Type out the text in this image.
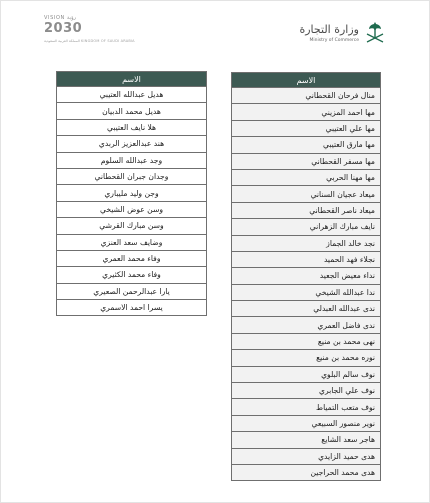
VISION رؤية
2030
المملكة العربية السعودية KINGDOM OF SAUDI ARABIA
وزارة التجارة
Ministry of Commerce
الاسم
هديل عبدالله العتيبي
هديل محمد الدبيان
هلا نايف العتيبي
هند عبدالعزيز الربدي
وجد عبدالله السلوم
وجدان جبران القحطاني
وجن وليد مليباري
وسن عوض الشيخي
وسن مبارك القرشي
وضايف سعد العنزي
وفاء محمد العمري
وفاء محمد الكثيري
يارا عبدالرحمن الصعيري
يسرا احمد الاسمري
الاسم
منال فرحان القحطاني
مها احمد المزيني
مها علي العتيبي
مها مارق العتيبي
مها مسفر القحطاني
مها مهنا الحربي
ميعاد عجيان السناني
ميعاد ناصر القحطاني
نايف مبارك الزهراني
نجد خالد الجماز
نجلاء فهد الحميد
نداء معيض الجعيد
ندا عبدالله الشيخي
ندى عبدالله العبدلي
ندى فاضل العمري
نهى محمد بن منيع
نوره محمد بن منيع
نوف سالم البلوي
نوف علي الجابري
نوف متعب التمياط
نوير منصور السبيعي
هاجر سعد الشايع
هدى حميد الزايدي
هدى محمد الحراجين
